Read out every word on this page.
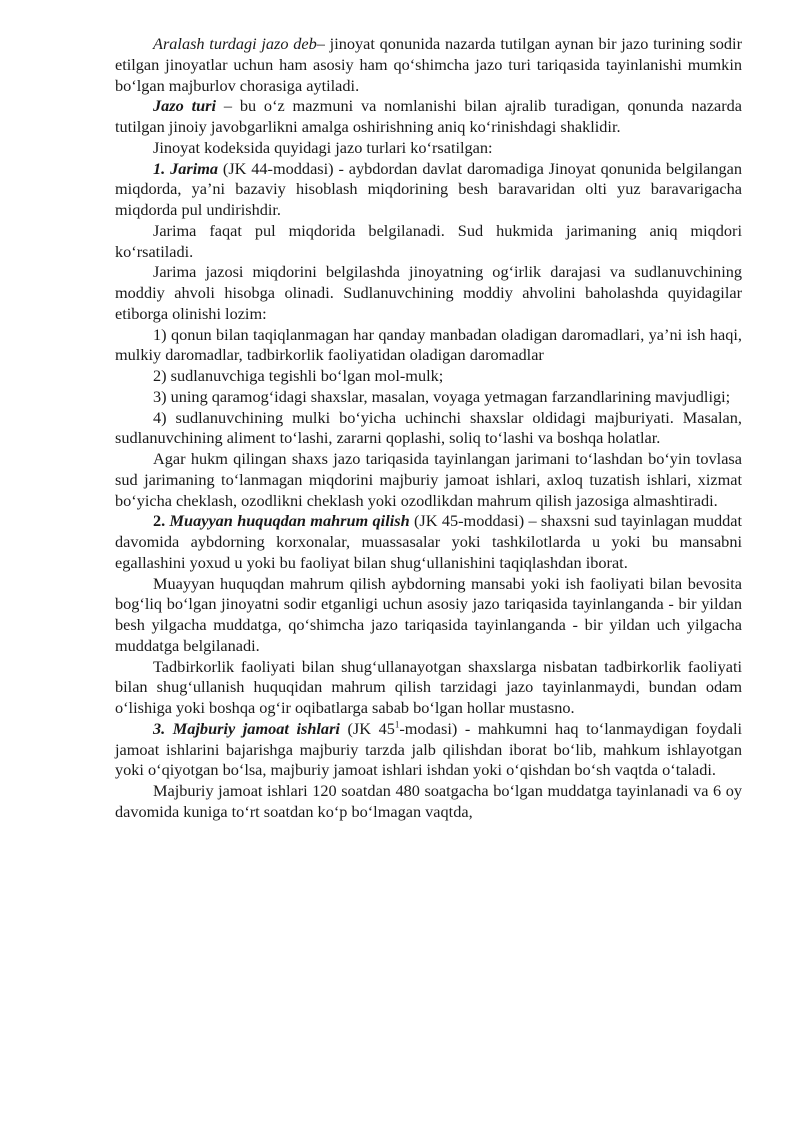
Aralash turdagi jazo deb– jinoyat qonunida nazarda tutilgan aynan bir jazo turining sodir etilgan jinoyatlar uchun ham asosiy ham qo‘shimcha jazo turi tariqasida tayinlanishi mumkin bo‘lgan majburlov chorasiga aytiladi.

Jazo turi – bu o‘z mazmuni va nomlanishi bilan ajralib turadigan, qonunda nazarda tutilgan jinoiy javobgarlikni amalga oshirishning aniq ko‘rinishdagi shaklidir.

Jinoyat kodeksida quyidagi jazo turlari ko‘rsatilgan:

1. Jarima (JK 44-moddasi) - aybdordan davlat daromadiga Jinoyat qonunida belgilangan miqdorda, ya’ni bazaviy hisoblash miqdorining besh baravaridan olti yuz baravarigacha miqdorda pul undirishdir.

Jarima faqat pul miqdorida belgilanadi. Sud hukmida jarimaning aniq miqdori ko‘rsatiladi.

Jarima jazosi miqdorini belgilashda jinoyatning og‘irlik darajasi va sudlanuvchining moddiy ahvoli hisobga olinadi. Sudlanuvchining moddiy ahvolini baholashda quyidagilar etiborga olinishi lozim:

1) qonun bilan taqiqlanmagan har qanday manbadan oladigan daromadlari, ya’ni ish haqi, mulkiy daromadlar, tadbirkorlik faoliyatidan oladigan daromadlar

2) sudlanuvchiga tegishli bo‘lgan mol-mulk;

3) uning qaramog‘idagi shaxslar, masalan, voyaga yetmagan farzandlarining mavjudligi;

4) sudlanuvchining mulki bo‘yicha uchinchi shaxslar oldidagi majburiyati. Masalan, sudlanuvchining aliment to‘lashi, zararni qoplashi, soliq to‘lashi va boshqa holatlar.

Agar hukm qilingan shaxs jazo tariqasida tayinlangan jarimani to‘lashdan bo‘yin tovlasa sud jarimaning to‘lanmagan miqdorini majburiy jamoat ishlari, axloq tuzatish ishlari, xizmat bo‘yicha cheklash, ozodlikni cheklash yoki ozodlikdan mahrum qilish jazosiga almashtiradi.

2. Muayyan huquqdan mahrum qilish (JK 45-moddasi) – shaxsni sud tayinlagan muddat davomida aybdorning korxonalar, muassasalar yoki tashkilotlarda u yoki bu mansabni egallashini yoxud u yoki bu faoliyat bilan shug‘ullanishini taqiqlashdan iborat.

Muayyan huquqdan mahrum qilish aybdorning mansabi yoki ish faoliyati bilan bevosita bog‘liq bo‘lgan jinoyatni sodir etganligi uchun asosiy jazo tariqasida tayinlanganda - bir yildan besh yilgacha muddatga, qo‘shimcha jazo tariqasida tayinlanganda - bir yildan uch yilgacha muddatga belgilanadi.

Tadbirkorlik faoliyati bilan shug‘ullanayotgan shaxslarga nisbatan tadbirkorlik faoliyati bilan shug‘ullanish huquqidan mahrum qilish tarzidagi jazo tayinlanmaydi, bundan odam o‘lishiga yoki boshqa og‘ir oqibatlarga sabab bo‘lgan hollar mustasno.

3. Majburiy jamoat ishlari (JK $45^1-modasi$) - mahkumni haq to‘lanmaydigan foydali jamoat ishlarini bajarishga majburiy tarzda jalb qilishdan iborat bo‘lib, mahkum ishlayotgan yoki o‘qiyotgan bo‘lsa, majburiy jamoat ishlari ishdan yoki o‘qishdan bo‘sh vaqtda o‘taladi.

Majburiy jamoat ishlari 120 soatdan 480 soatgacha bo‘lgan muddatga tayinlanadi va 6 oy davomida kuniga to‘rt soatdan ko‘p bo‘lmagan vaqtda,
